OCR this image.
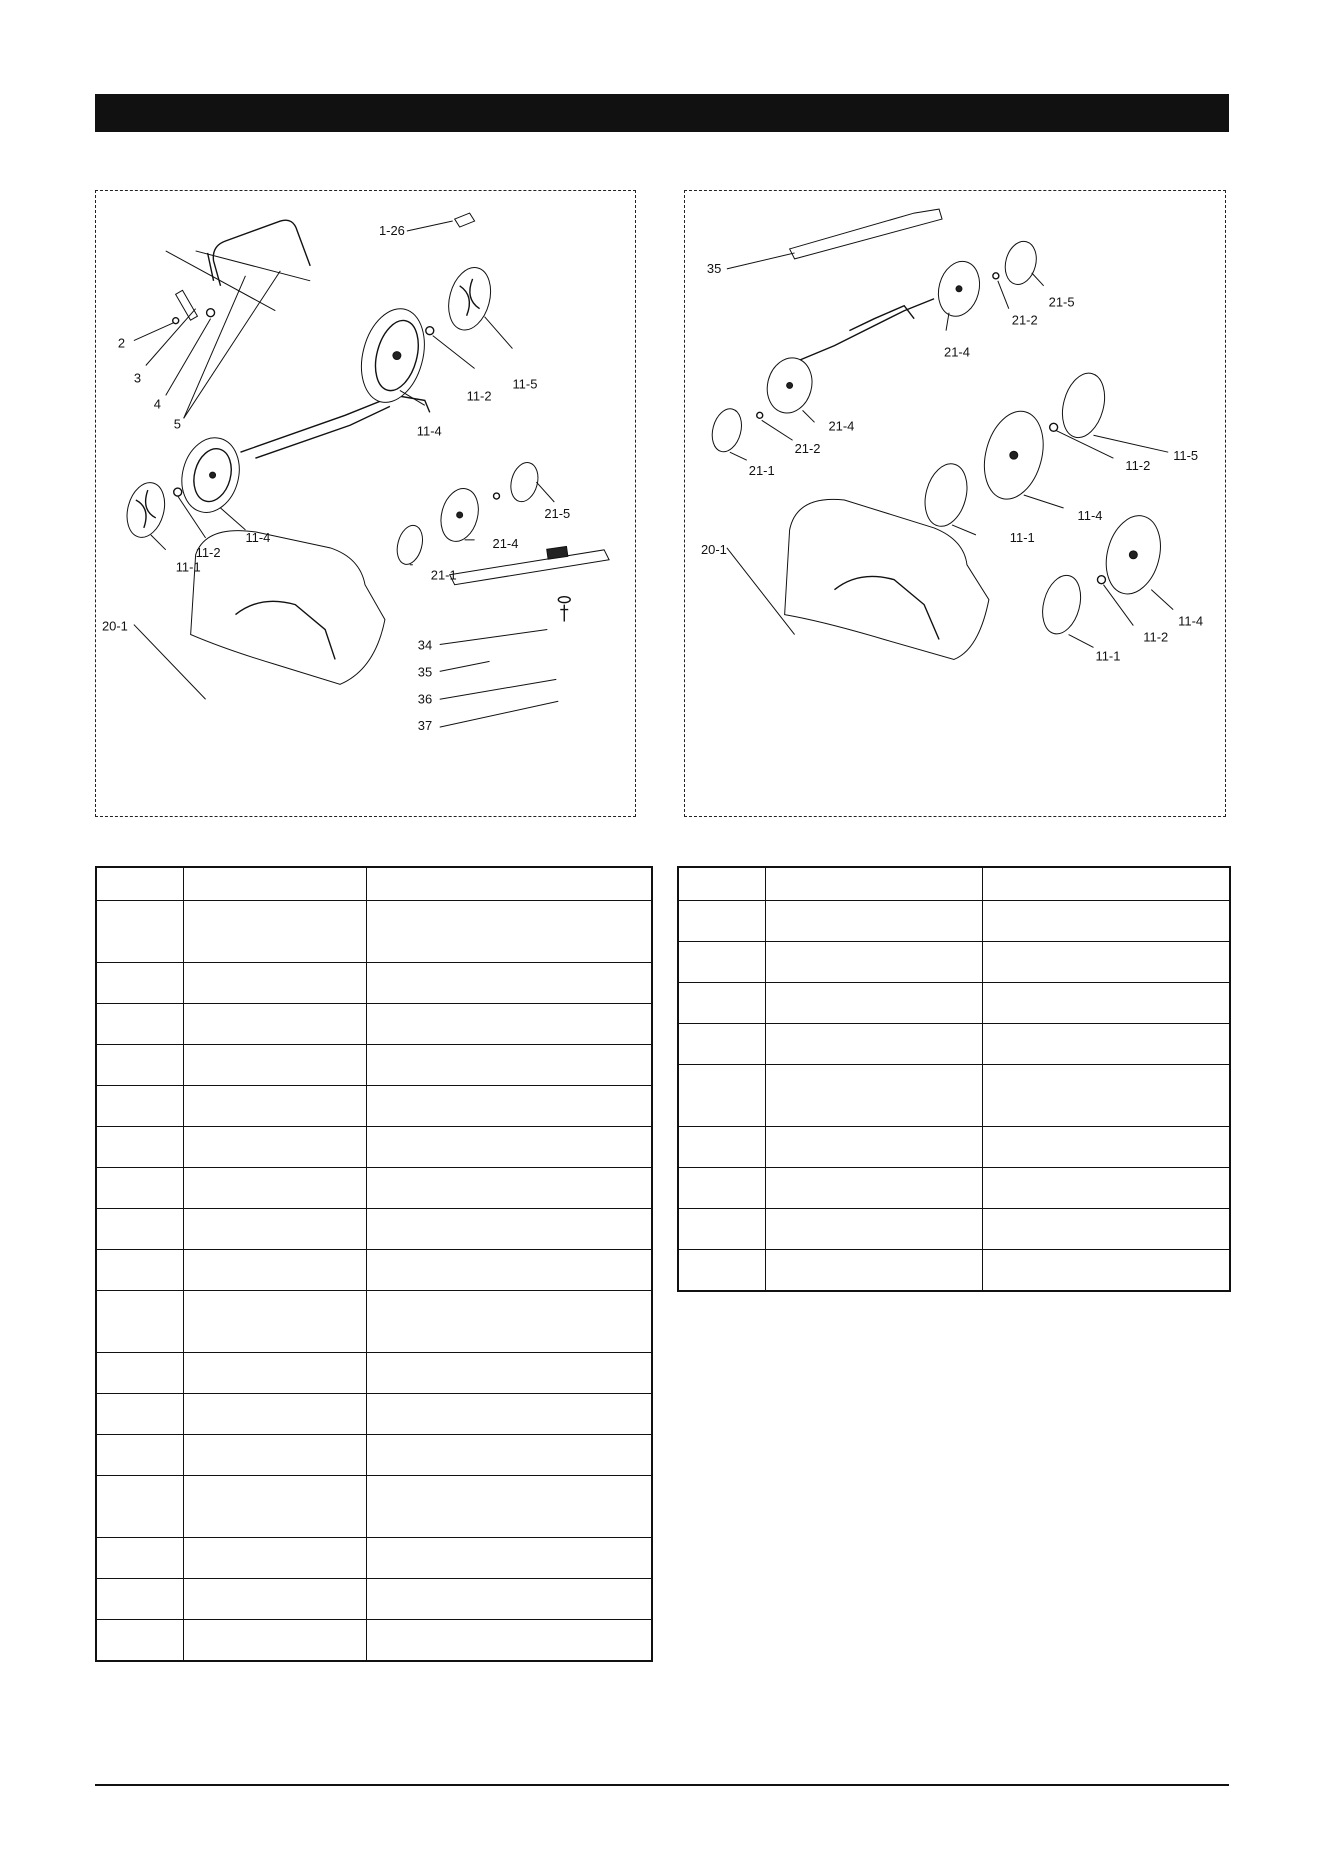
1-26
2
3
4
5
11-5
11-2
11-4
11-1
11-2
11-4
21-5
21-4
21-1
20-1
34
35
36
37
35
21-5
21-2
21-4
21-4
21-2
21-1
11-5
11-2
11-4
11-1
20-1
11-4
11-2
11-1
